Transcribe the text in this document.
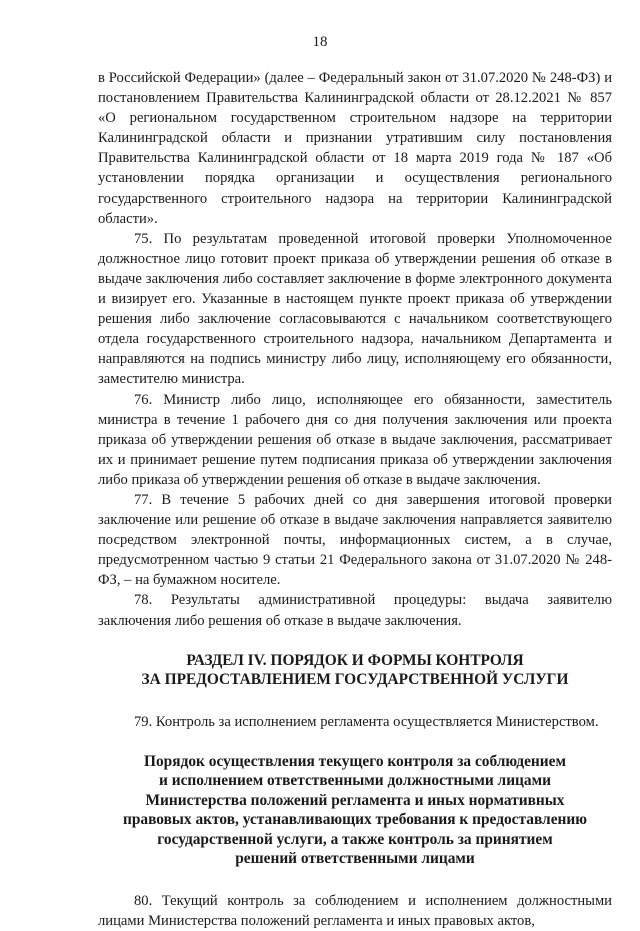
18

в Российской Федерации» (далее – Федеральный закон от 31.07.2020 № 248-ФЗ) и постановлением Правительства Калининградской области от 28.12.2021 № 857 «О региональном государственном строительном надзоре на территории Калининградской области и признании утратившим силу постановления Правительства Калининградской области от 18 марта 2019 года № 187 «Об установлении порядка организации и осуществления регионального государственного строительного надзора на территории Калининградской области».

75. По результатам проведенной итоговой проверки Уполномоченное должностное лицо готовит проект приказа об утверждении решения об отказе в выдаче заключения либо составляет заключение в форме электронного документа и визирует его. Указанные в настоящем пункте проект приказа об утверждении решения либо заключение согласовываются с начальником соответствующего отдела государственного строительного надзора, начальником Департамента и направляются на подпись министру либо лицу, исполняющему его обязанности, заместителю министра.

76. Министр либо лицо, исполняющее его обязанности, заместитель министра в течение 1 рабочего дня со дня получения заключения или проекта приказа об утверждении решения об отказе в выдаче заключения, рассматривает их и принимает решение путем подписания приказа об утверждении заключения либо приказа об утверждении решения об отказе в выдаче заключения.

77. В течение 5 рабочих дней со дня завершения итоговой проверки заключение или решение об отказе в выдаче заключения направляется заявителю посредством электронной почты, информационных систем, а в случае, предусмотренном частью 9 статьи 21 Федерального закона от 31.07.2020 № 248-ФЗ, – на бумажном носителе.

78. Результаты административной процедуры: выдача заявителю заключения либо решения об отказе в выдаче заключения.

РАЗДЕЛ IV. ПОРЯДОК И ФОРМЫ КОНТРОЛЯ
ЗА ПРЕДОСТАВЛЕНИЕМ ГОСУДАРСТВЕННОЙ УСЛУГИ

79. Контроль за исполнением регламента осуществляется Министерством.

Порядок осуществления текущего контроля за соблюдением
и исполнением ответственными должностными лицами
Министерства положений регламента и иных нормативных
правовых актов, устанавливающих требования к предоставлению
государственной услуги, а также контроль за принятием
решений ответственными лицами

80. Текущий контроль за соблюдением и исполнением должностными лицами Министерства положений регламента и иных правовых актов,
